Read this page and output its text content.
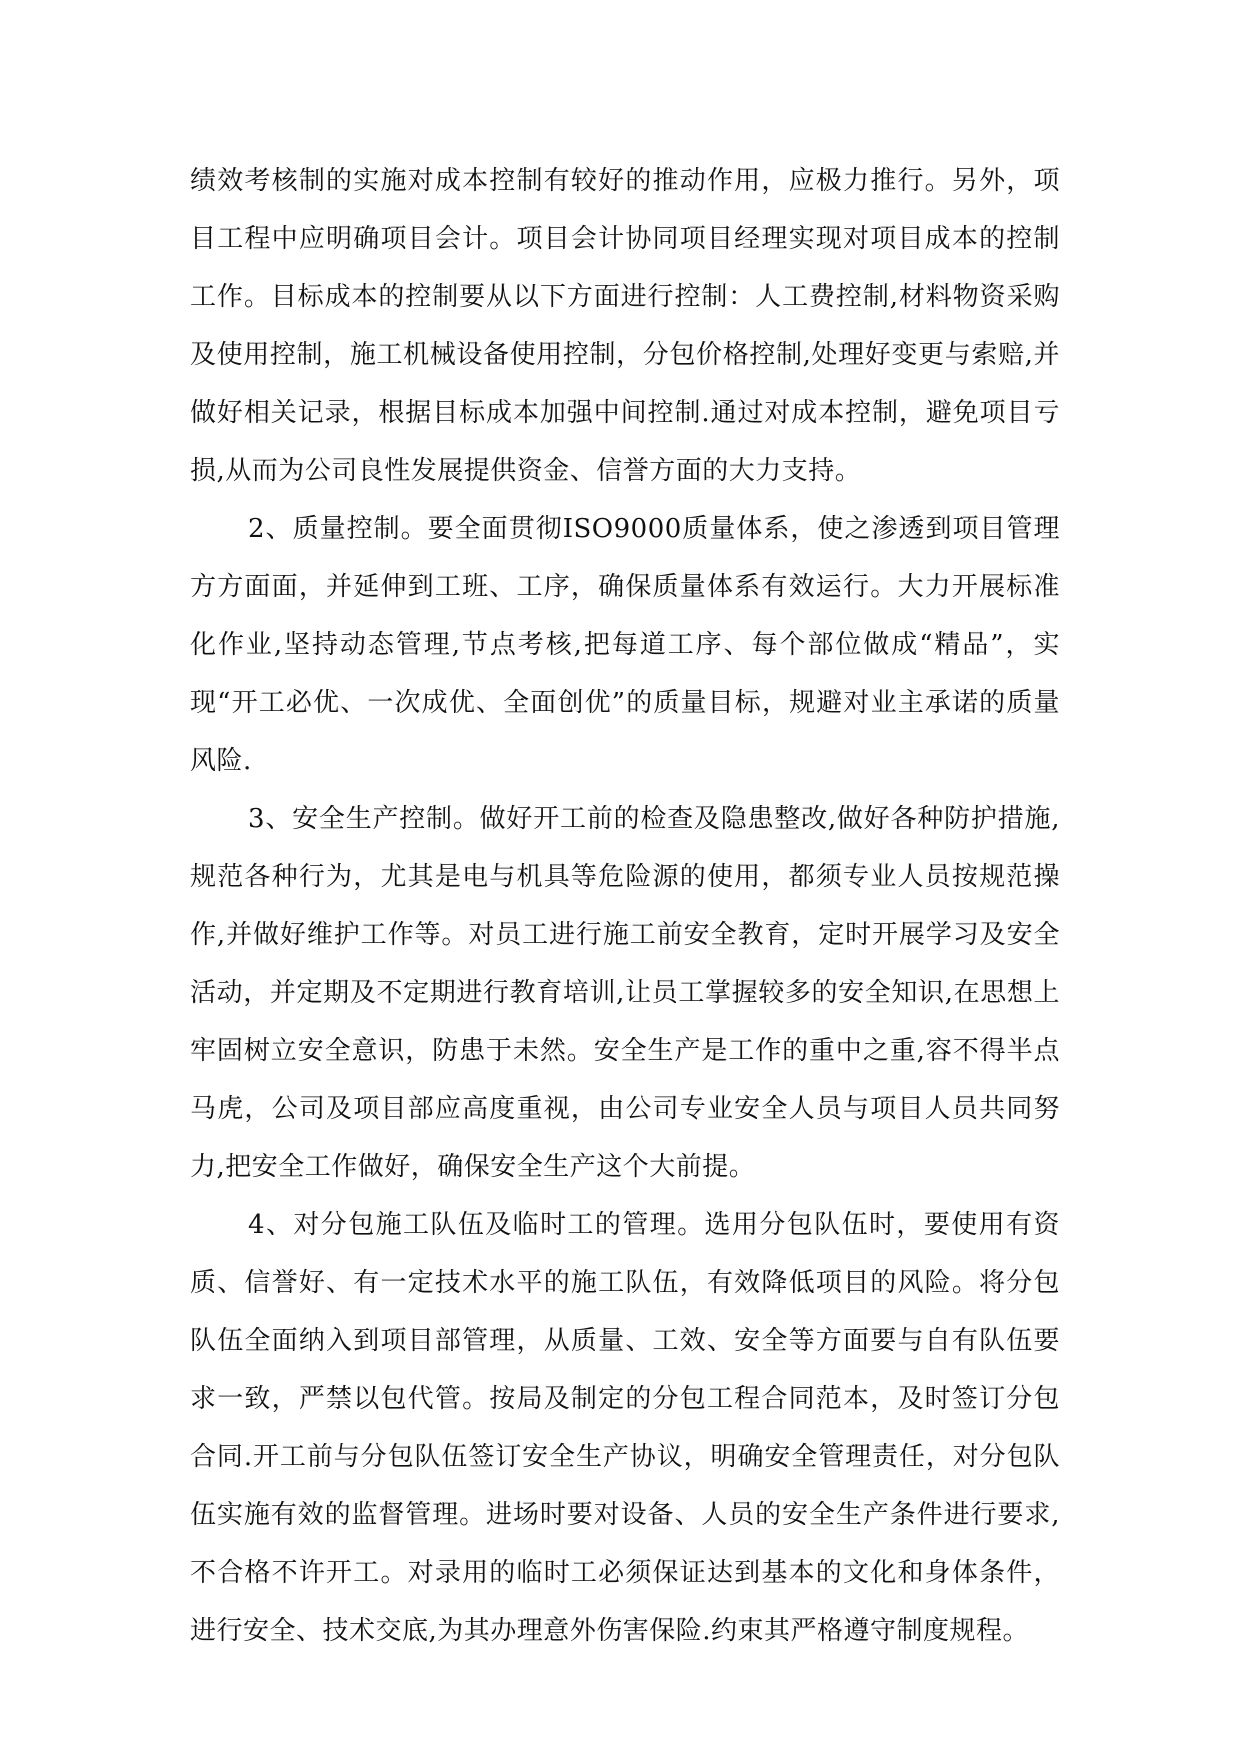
绩效考核制的实施对成本控制有较好的推动作用，应极力推行。另外，项目工程中应明确项目会计。项目会计协同项目经理实现对项目成本的控制工作。目标成本的控制要从以下方面进行控制：人工费控制,材料物资采购及使用控制，施工机械设备使用控制，分包价格控制,处理好变更与索赔,并做好相关记录，根据目标成本加强中间控制.通过对成本控制，避免项目亏损,从而为公司良性发展提供资金、信誉方面的大力支持。

2、质量控制。要全面贯彻ISO9000质量体系，使之渗透到项目管理方方面面，并延伸到工班、工序，确保质量体系有效运行。大力开展标准化作业,坚持动态管理,节点考核,把每道工序、每个部位做成“精品”，实现“开工必优、一次成优、全面创优”的质量目标，规避对业主承诺的质量风险.

3、安全生产控制。做好开工前的检查及隐患整改,做好各种防护措施,规范各种行为，尤其是电与机具等危险源的使用，都须专业人员按规范操作,并做好维护工作等。对员工进行施工前安全教育，定时开展学习及安全活动，并定期及不定期进行教育培训,让员工掌握较多的安全知识,在思想上牢固树立安全意识，防患于未然。安全生产是工作的重中之重,容不得半点马虎，公司及项目部应高度重视，由公司专业安全人员与项目人员共同努力,把安全工作做好，确保安全生产这个大前提。

4、对分包施工队伍及临时工的管理。选用分包队伍时，要使用有资质、信誉好、有一定技术水平的施工队伍，有效降低项目的风险。将分包队伍全面纳入到项目部管理，从质量、工效、安全等方面要与自有队伍要求一致，严禁以包代管。按局及制定的分包工程合同范本，及时签订分包合同.开工前与分包队伍签订安全生产协议，明确安全管理责任，对分包队伍实施有效的监督管理。进场时要对设备、人员的安全生产条件进行要求,不合格不许开工。对录用的临时工必须保证达到基本的文化和身体条件，进行安全、技术交底,为其办理意外伤害保险.约束其严格遵守制度规程。
